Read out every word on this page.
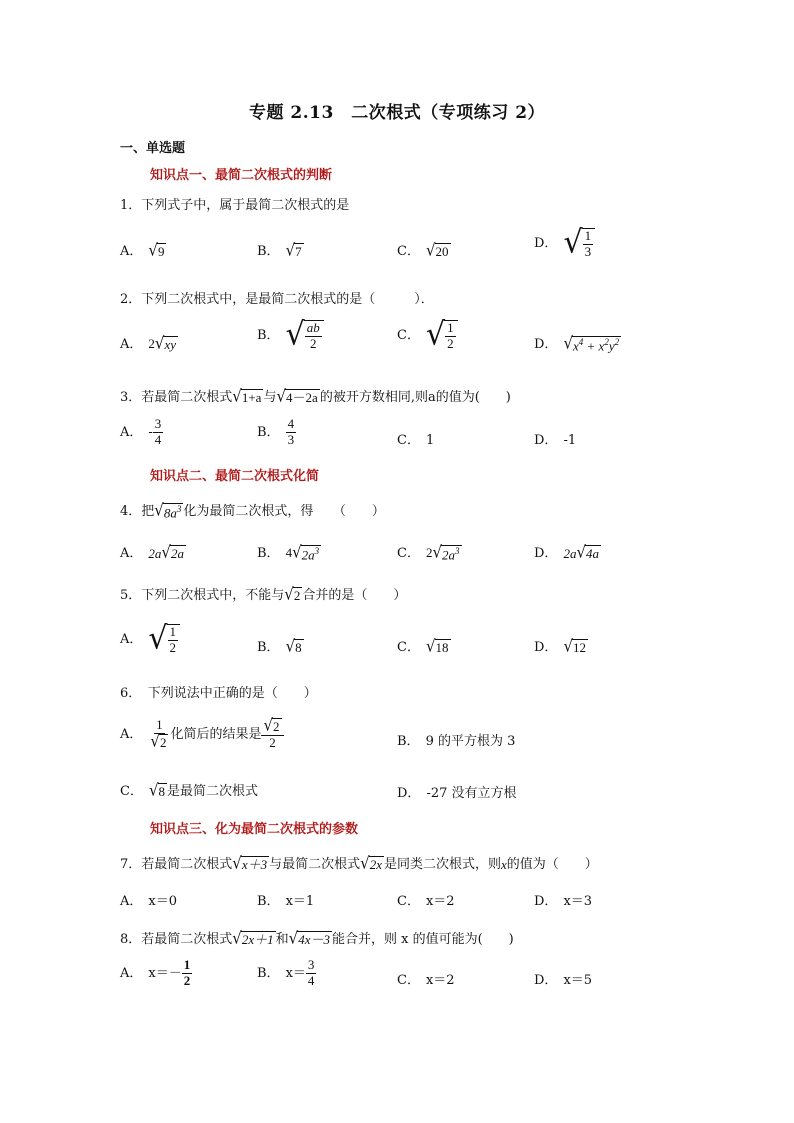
专题 2.13　二次根式（专项练习 2）
一、单选题
知识点一、最简二次根式的判断
1．下列式子中，属于最简二次根式的是
A． √ 9	B． √ 7	C． √ 20
D． √ $\frac{1}{3}$
2．下列二次根式中，是最简二次根式的是（　　　）．
A． 2 √ xy
B． √ $\frac{ab}{2}$	C． √ $\frac{1}{2}$	D． √ $x^4 + x^2y^2$
3．若最简二次根式 √ 1+a 与 √ 4－2a 的被开方数相同,则a的值为(　　)
A． - $\frac{3}{4}$	B． $\frac{4}{3}$	C． 1	D． -1
知识点二、最简二次根式化简
4．把 √ $8a^3$ 化为最简二次根式，得　　（　　）
A． 2a √ 2a	B． 4 √ $2a^3$	C． 2 √ $2a^3$	D． 2a √ 4a
5．下列二次根式中，不能与 √ 2 合并的是（　　）
A． √ $\frac{1}{2}$	B． √ 8	C． √ 18	D． √ 12
6．　下列说法中正确的是（　　）
A． $\frac{1}{√ 2}$ 化简后的结果是 $\frac{√ 2}{2}$	B． 9 的平方根为 3
C． √ 8 是最简二次根式	D． -27 没有立方根
知识点三、化为最简二次根式的参数
7．若最简二次根式 √ x＋3 与最简二次根式 √ 2x 是同类二次根式，则x的值为（　　）
A． x＝0	B． x＝1	C． x＝2	D． x＝3
8．若最简二次根式 √ 2x＋1 和 √ 4x－3 能合并，则 x 的值可能为(　　)
A． $x=- \frac{1}{2}$	B． $x= \frac{3}{4}$	C． x＝2	D． x＝5
